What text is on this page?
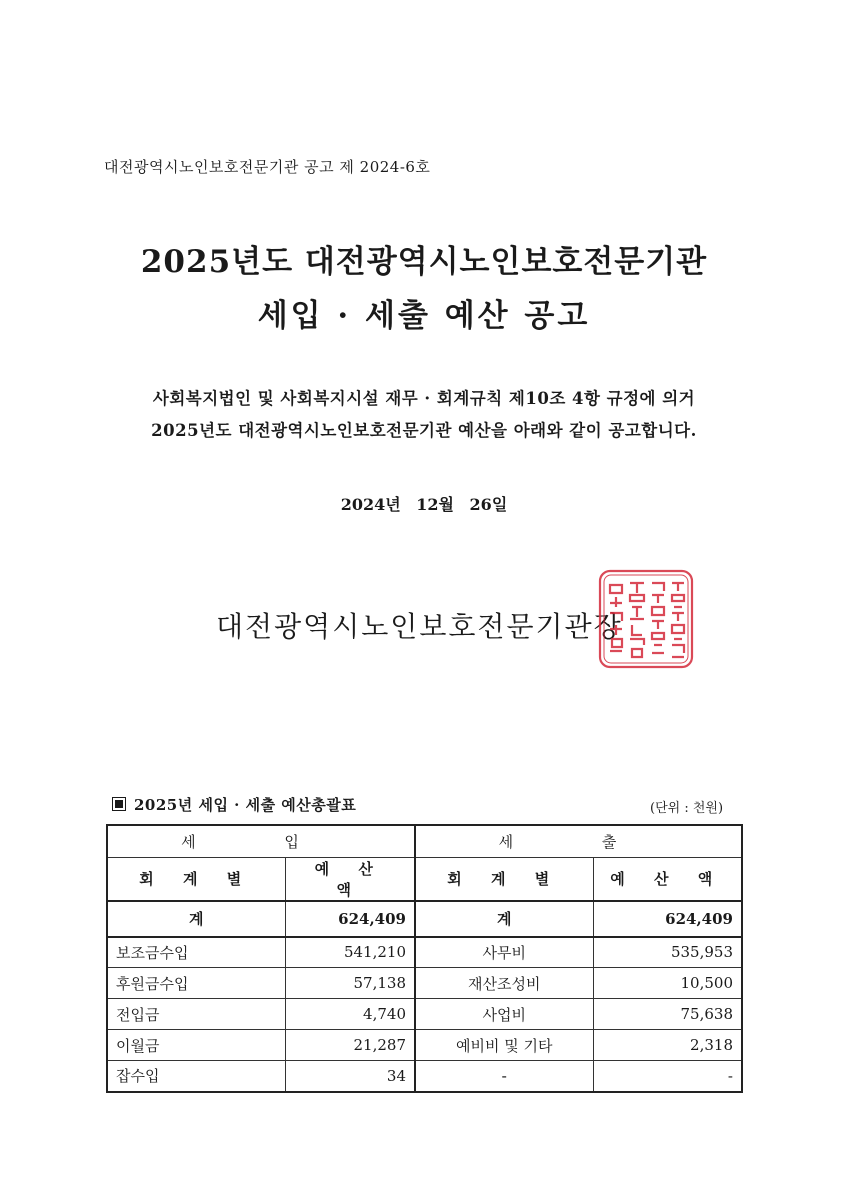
대전광역시노인보호전문기관 공고 제 2024-6호
2025년도 대전광역시노인보호전문기관
세입 · 세출 예산 공고
사회복지법인 및 사회복지시설 재무 · 회계규칙 제10조 4항 규정에 의거
2025년도 대전광역시노인보호전문기관 예산을 아래와 같이 공고합니다.
2024년 12월 26일
대전광역시노인보호전문기관장
2025년 세입 · 세출 예산총괄표	(단위 : 천원)
세 입		세 출	
회 계 별	예 산 액	회 계 별	예 산 액
계	624,409	계	624,409
보조금수입	541,210	사무비	535,953
후원금수입	57,138	재산조성비	10,500
전입금	4,740	사업비	75,638
이월금	21,287	예비비 및 기타	2,318
잡수입	34	-	-
